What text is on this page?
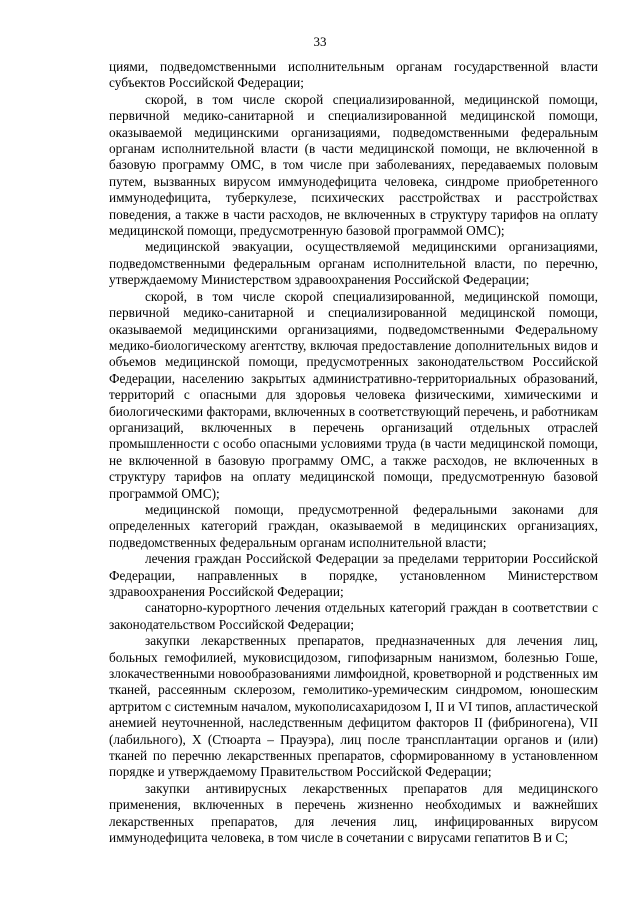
33

циями, подведомственными исполнительным органам государственной власти субъектов Российской Федерации;

скорой, в том числе скорой специализированной, медицинской помощи, первичной медико-санитарной и специализированной медицинской помощи, оказываемой медицинскими организациями, подведомственными федеральным органам исполнительной власти (в части медицинской помощи, не включенной в базовую программу ОМС, в том числе при заболеваниях, передаваемых половым путем, вызванных вирусом иммунодефицита человека, синдроме приобретенного иммунодефицита, туберкулезе, психических расстройствах и расстройствах поведения, а также в части расходов, не включенных в структуру тарифов на оплату медицинской помощи, предусмотренную базовой программой ОМС);

медицинской эвакуации, осуществляемой медицинскими организациями, подведомственными федеральным органам исполнительной власти, по перечню, утверждаемому Министерством здравоохранения Российской Федерации;

скорой, в том числе скорой специализированной, медицинской помощи, первичной медико-санитарной и специализированной медицинской помощи, оказываемой медицинскими организациями, подведомственными Федеральному медико-биологическому агентству, включая предоставление дополнительных видов и объемов медицинской помощи, предусмотренных законодательством Российской Федерации, населению закрытых административно-территориальных образований, территорий с опасными для здоровья человека физическими, химическими и биологическими факторами, включенных в соответствующий перечень, и работникам организаций, включенных в перечень организаций отдельных отраслей промышленности с особо опасными условиями труда (в части медицинской помощи, не включенной в базовую программу ОМС, а также расходов, не включенных в структуру тарифов на оплату медицинской помощи, предусмотренную базовой программой ОМС);

медицинской помощи, предусмотренной федеральными законами для определенных категорий граждан, оказываемой в медицинских организациях, подведомственных федеральным органам исполнительной власти;

лечения граждан Российской Федерации за пределами территории Российской Федерации, направленных в порядке, установленном Министерством здравоохранения Российской Федерации;

санаторно-курортного лечения отдельных категорий граждан в соответствии с законодательством Российской Федерации;

закупки лекарственных препаратов, предназначенных для лечения лиц, больных гемофилией, муковисцидозом, гипофизарным нанизмом, болезнью Гоше, злокачественными новообразованиями лимфоидной, кроветворной и родственных им тканей, рассеянным склерозом, гемолитико-уремическим синдромом, юношеским артритом с системным началом, мукополисахаридозом I, II и VI типов, апластической анемией неуточненной, наследственным дефицитом факторов II (фибриногена), VII (лабильного), X (Стюарта – Прауэра), лиц после трансплантации органов и (или) тканей по перечню лекарственных препаратов, сформированному в установленном порядке и утверждаемому Правительством Российской Федерации;

закупки антивирусных лекарственных препаратов для медицинского применения, включенных в перечень жизненно необходимых и важнейших лекарственных препаратов, для лечения лиц, инфицированных вирусом иммунодефицита человека, в том числе в сочетании с вирусами гепатитов B и C;
